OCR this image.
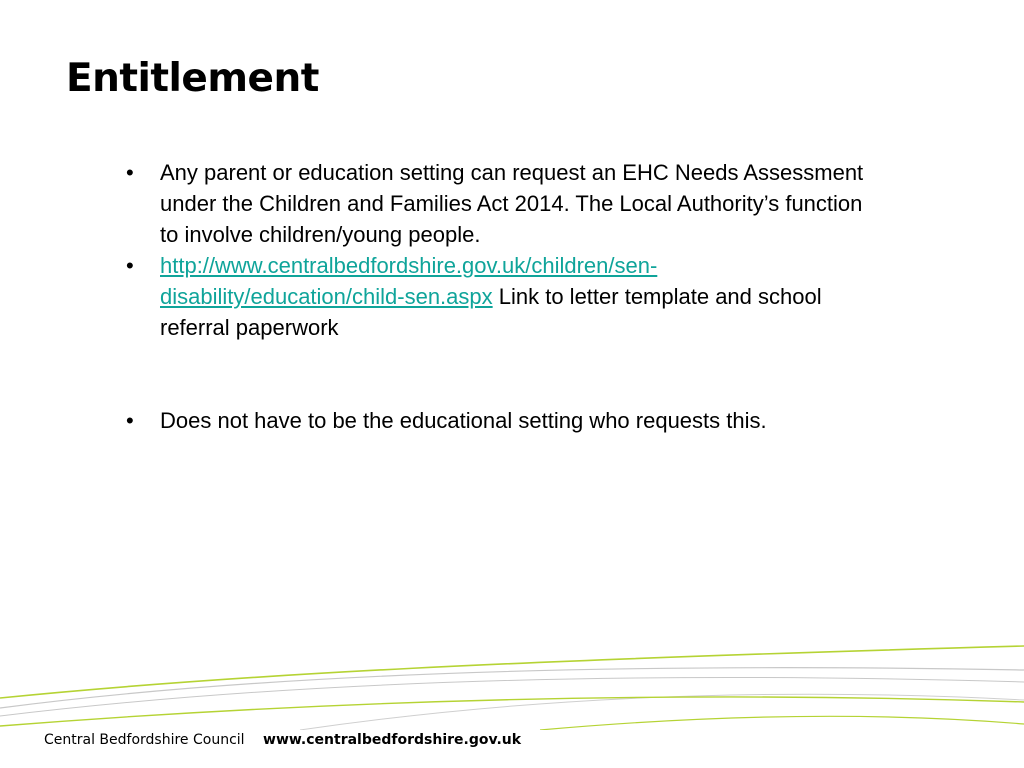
Entitlement
• Any parent or education setting can request an EHC Needs Assessment under the Children and Families Act 2014. The Local Authority’s function to involve children/young people.
• http://www.centralbedfordshire.gov.uk/children/sen-disability/education/child-sen.aspx Link to letter template and school referral paperwork
• Does not have to be the educational setting who requests this.
Central Bedfordshire Council www.centralbedfordshire.gov.uk
